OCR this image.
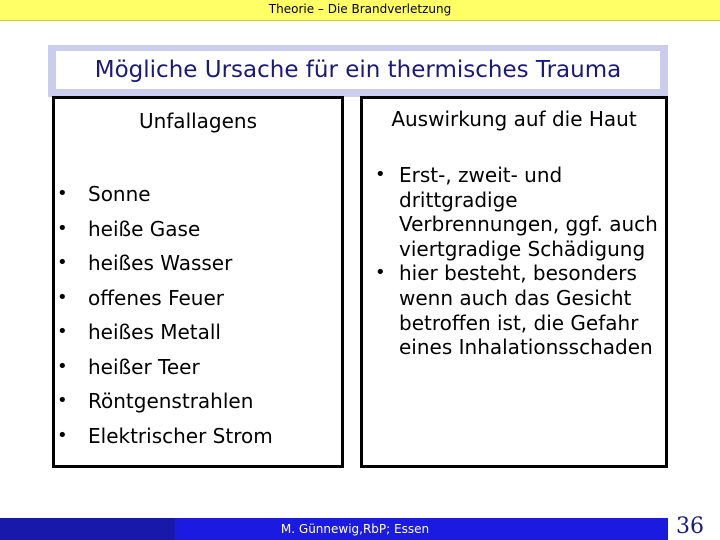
Theorie – Die Brandverletzung
Mögliche Ursache für ein thermisches Trauma
Unfallagens
• Sonne
• heiße Gase
• heißes Wasser
• offenes Feuer
• heißes Metall
• heißer Teer
• Röntgenstrahlen
• Elektrischer Strom
Auswirkung auf die Haut
• Erst-, zweit- und drittgradige Verbrennungen, ggf. auch viertgradige Schädigung
• hier besteht, besonders wenn auch das Gesicht betroffen ist, die Gefahr eines Inhalationsschaden
M. Günnewig,RbP; Essen	36
